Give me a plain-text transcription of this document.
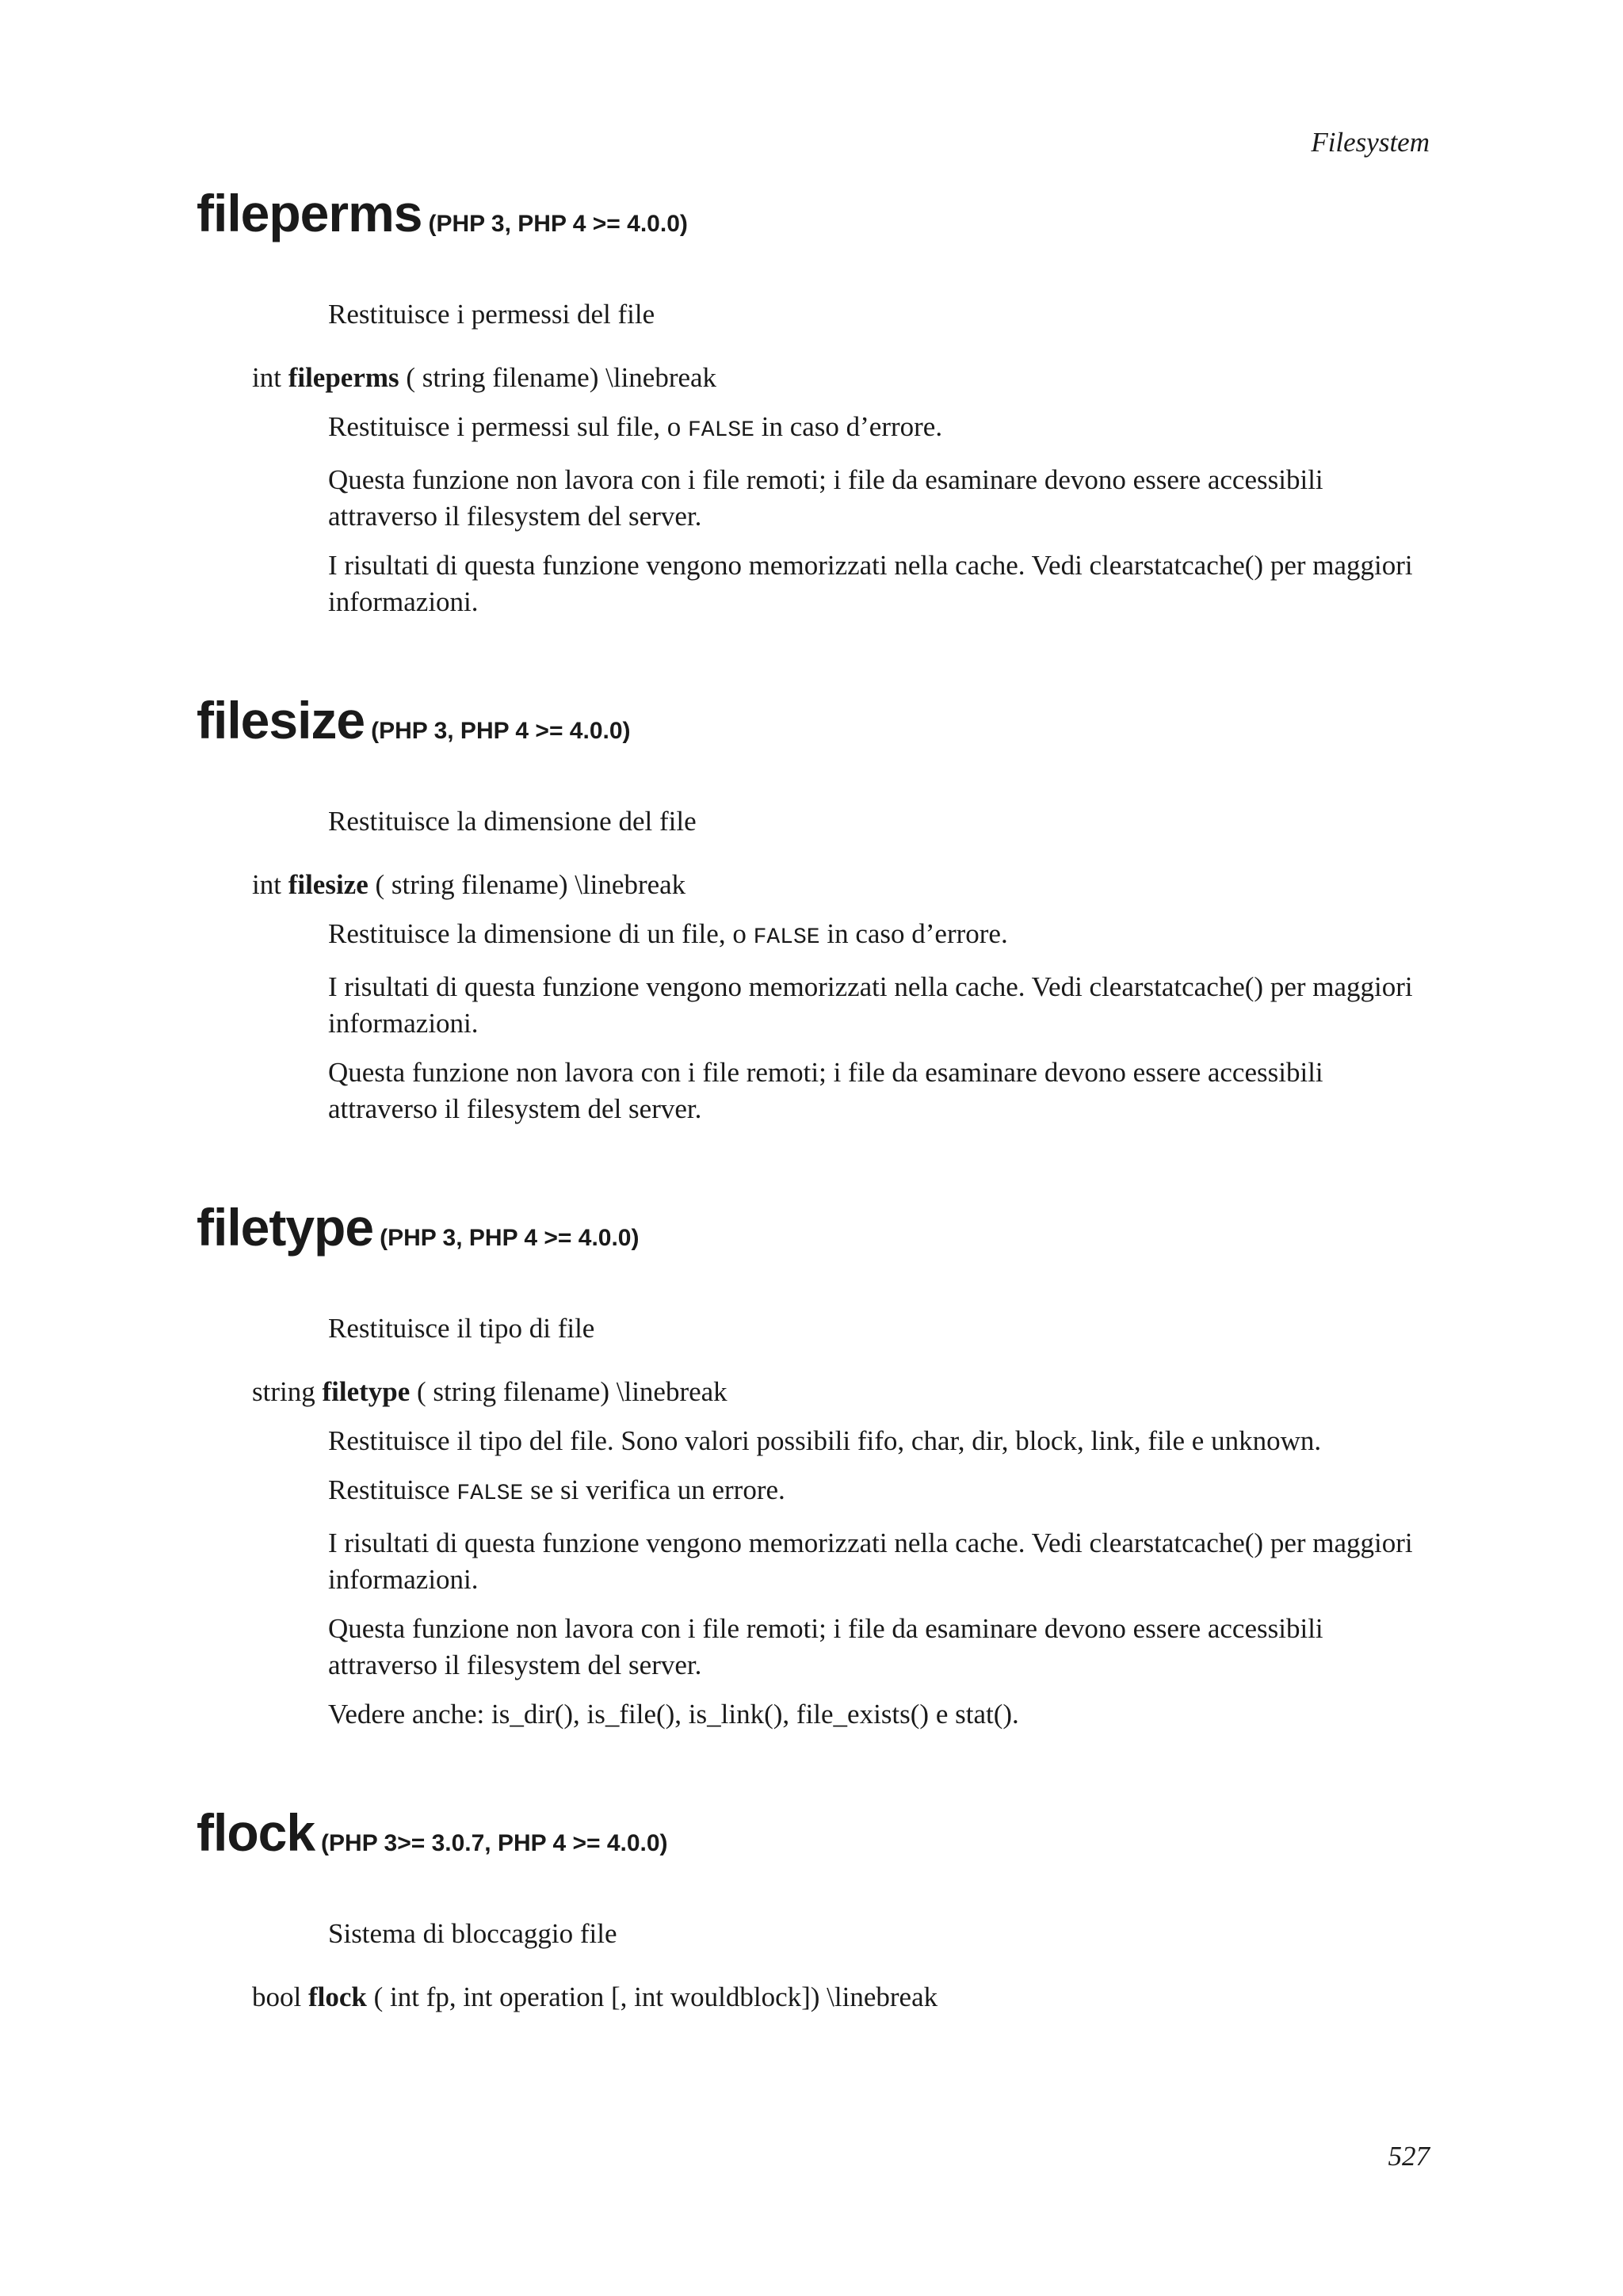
Filesystem
fileperms (PHP 3, PHP 4 >= 4.0.0)
Restituisce i permessi del file
int fileperms ( string filename) \linebreak

Restituisce i permessi sul file, o FALSE in caso d’errore.

Questa funzione non lavora con i file remoti; i file da esaminare devono essere accessibili attraverso il filesystem del server.

I risultati di questa funzione vengono memorizzati nella cache. Vedi clearstatcache() per maggiori informazioni.

filesize (PHP 3, PHP 4 >= 4.0.0)
Restituisce la dimensione del file
int filesize ( string filename) \linebreak

Restituisce la dimensione di un file, o FALSE in caso d’errore.

I risultati di questa funzione vengono memorizzati nella cache. Vedi clearstatcache() per maggiori informazioni.

Questa funzione non lavora con i file remoti; i file da esaminare devono essere accessibili attraverso il filesystem del server.

filetype (PHP 3, PHP 4 >= 4.0.0)
Restituisce il tipo di file
string filetype ( string filename) \linebreak

Restituisce il tipo del file. Sono valori possibili fifo, char, dir, block, link, file e unknown.

Restituisce FALSE se si verifica un errore.

I risultati di questa funzione vengono memorizzati nella cache. Vedi clearstatcache() per maggiori informazioni.

Questa funzione non lavora con i file remoti; i file da esaminare devono essere accessibili attraverso il filesystem del server.

Vedere anche: is_dir(), is_file(), is_link(), file_exists() e stat().

flock (PHP 3>= 3.0.7, PHP 4 >= 4.0.0)
Sistema di bloccaggio file
bool flock ( int fp, int operation [, int wouldblock]) \linebreak
527
